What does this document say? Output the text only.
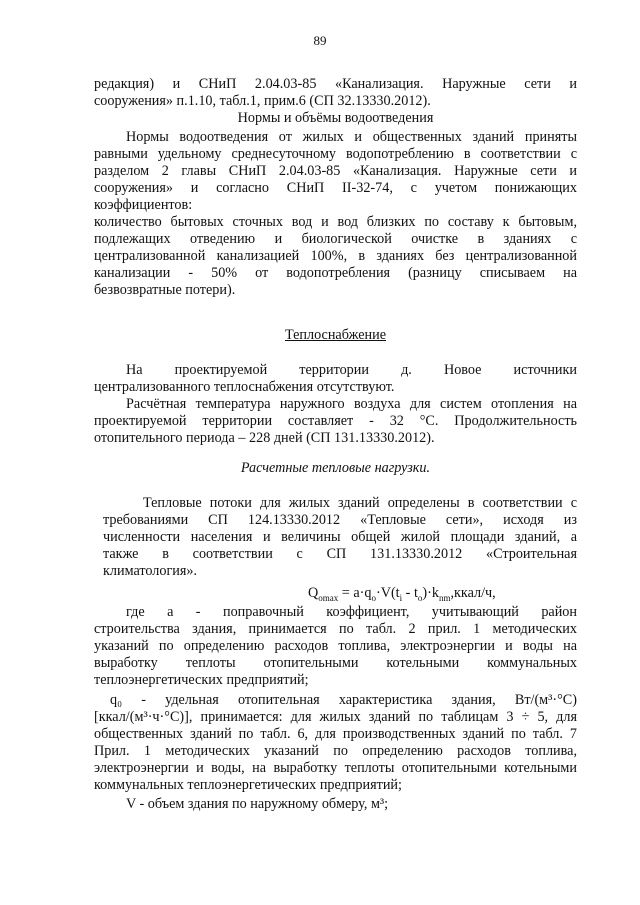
89
редакция) и СНиП 2.04.03-85 «Канализация. Наружные сети и
сооружения» п.1.10, табл.1, прим.6 (СП 32.13330.2012).
Нормы и объёмы водоотведения
Нормы водоотведения от жилых и общественных зданий приняты
равными удельному среднесуточному водопотреблению в соответствии с
разделом 2 главы СНиП 2.04.03-85 «Канализация. Наружные сети и
сооружения» и согласно СНиП II-32-74, с учетом понижающих
коэффициентов:
количество бытовых сточных вод и вод близких по составу к бытовым,
подлежащих отведению и биологической очистке в зданиях с
централизованной канализацией 100%, в зданиях без централизованной
канализации - 50% от водопотребления (разницу списываем на
безвозвратные потери).
Теплоснабжение
На проектируемой территории д. Новое источники
централизованного теплоснабжения отсутствуют.
Расчётная температура наружного воздуха для систем отопления на
проектируемой территории составляет - 32 °С. Продолжительность
отопительного периода – 228 дней (СП 131.13330.2012).
Расчетные тепловые нагрузки.
Тепловые потоки для жилых зданий определены в соответствии с
требованиями СП 124.13330.2012 «Тепловые сети», исходя из
численности населения и величины общей жилой площади зданий, а
также в соответствии с СП 131.13330.2012 «Строительная
климатология».
$Q_{omax} = a\cdot q_o\cdot V(t_i$ - $t_o)\cdot k_{nm},ккал/ч$,
где а - поправочный коэффициент, учитывающий район
строительства здания, принимается по табл. 2 прил. 1 методических
указаний по определению расходов топлива, электроэнергии и воды на
выработку теплоты отопительными котельными коммунальных
теплоэнергетических предприятий;
q₀ - удельная отопительная характеристика здания, Вт/(м³·°С)
[ккал/(м³·ч·°С)], принимается: для жилых зданий по таблицам 3 ÷ 5, для
общественных зданий по табл. 6, для производственных зданий по табл. 7
Прил. 1 методических указаний по определению расходов топлива,
электроэнергии и воды, на выработку теплоты отопительными котельными
коммунальных теплоэнергетических предприятий;
V - объем здания по наружному обмеру, м³;
